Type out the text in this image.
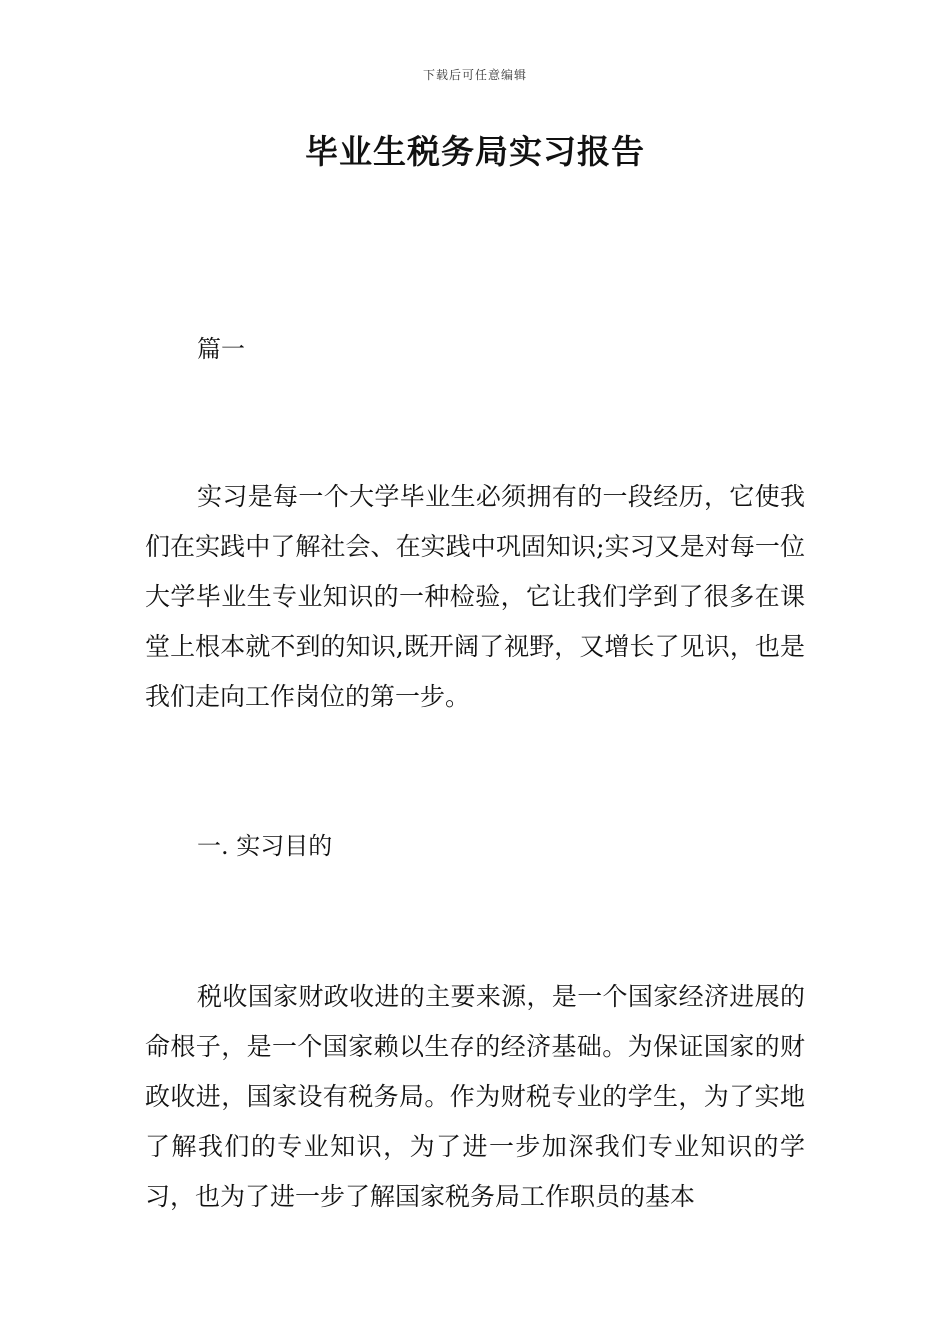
下载后可任意编辑
毕业生税务局实习报告
篇一

实习是每一个大学毕业生必须拥有的一段经历，它使我们在实践中了解社会、在实践中巩固知识;实习又是对每一位大学毕业生专业知识的一种检验，它让我们学到了很多在课堂上根本就不到的知识,既开阔了视野，又增长了见识，也是我们走向工作岗位的第一步。

一. 实习目的

税收国家财政收进的主要来源，是一个国家经济进展的命根子，是一个国家赖以生存的经济基础。为保证国家的财政收进，国家设有税务局。作为财税专业的学生，为了实地了解我们的专业知识，为了进一步加深我们专业知识的学习，也为了进一步了解国家税务局工作职员的基本
